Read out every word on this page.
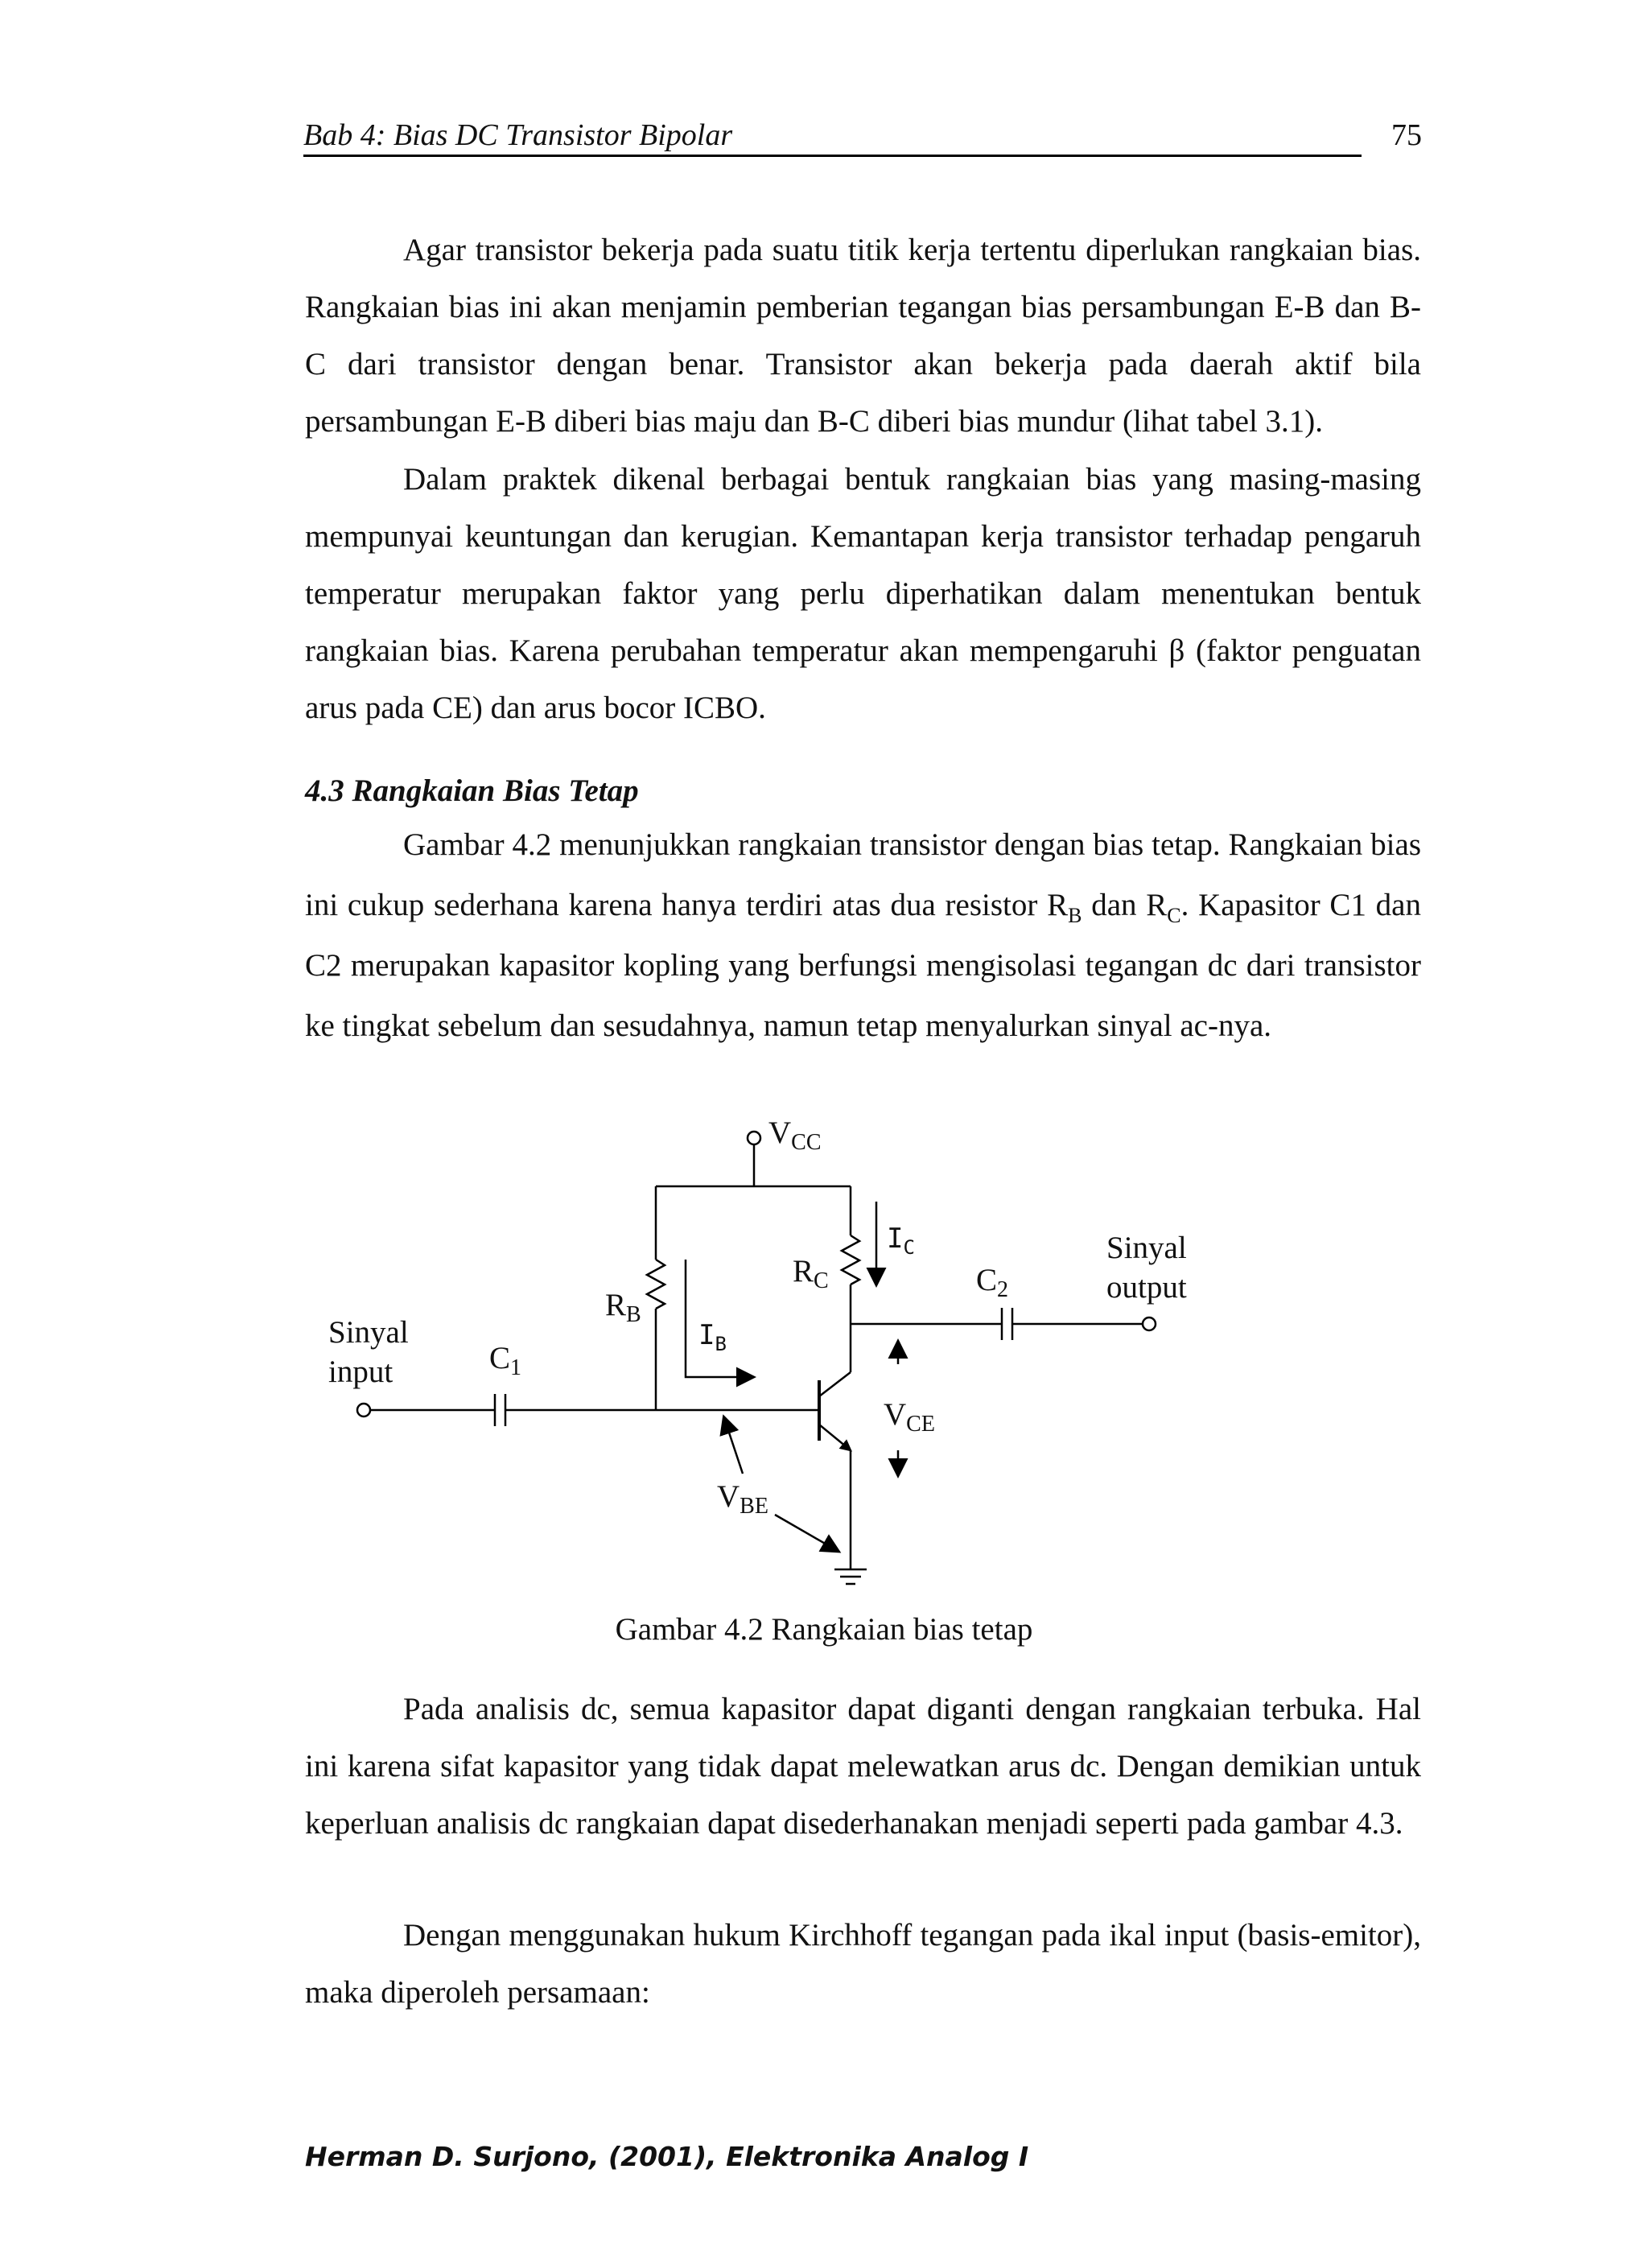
Bab 4: Bias DC Transistor Bipolar	75

Agar transistor bekerja pada suatu titik kerja tertentu diperlukan rangkaian bias. Rangkaian bias ini akan menjamin pemberian tegangan bias persambungan E-B dan B-C dari transistor dengan benar. Transistor akan bekerja pada daerah aktif bila persambungan E-B diberi bias maju dan B-C diberi bias mundur (lihat tabel 3.1).

Dalam praktek dikenal berbagai bentuk rangkaian bias yang masing-masing mempunyai keuntungan dan kerugian. Kemantapan kerja transistor terhadap pengaruh temperatur merupakan faktor yang perlu diperhatikan dalam menentukan bentuk rangkaian bias. Karena perubahan temperatur akan mempengaruhi β (faktor penguatan arus pada CE) dan arus bocor ICBO.

4.3 Rangkaian Bias Tetap

Gambar 4.2 menunjukkan rangkaian transistor dengan bias tetap. Rangkaian bias ini cukup sederhana karena hanya terdiri atas dua resistor $R_B$ dan $R_C$. Kapasitor C1 dan C2 merupakan kapasitor kopling yang berfungsi mengisolasi tegangan dc dari transistor ke tingkat sebelum dan sesudahnya, namun tetap menyalurkan sinyal ac-nya.

$V_{CC}$
$R_B$
$R_C$
$I_B$
$I_C$
$C_1$
$C_2$
$V_{CE}$
$V_{BE}$
Sinyal
input
Sinyal
output
Gambar 4.2 Rangkaian bias tetap

Pada analisis dc, semua kapasitor dapat diganti dengan rangkaian terbuka. Hal ini karena sifat kapasitor yang tidak dapat melewatkan arus dc. Dengan demikian untuk keperluan analisis dc rangkaian dapat disederhanakan menjadi seperti pada gambar 4.3.

Dengan menggunakan hukum Kirchhoff tegangan pada ikal input (basis-emitor), maka diperoleh persamaan:

Herman D. Surjono, (2001), Elektronika Analog I
